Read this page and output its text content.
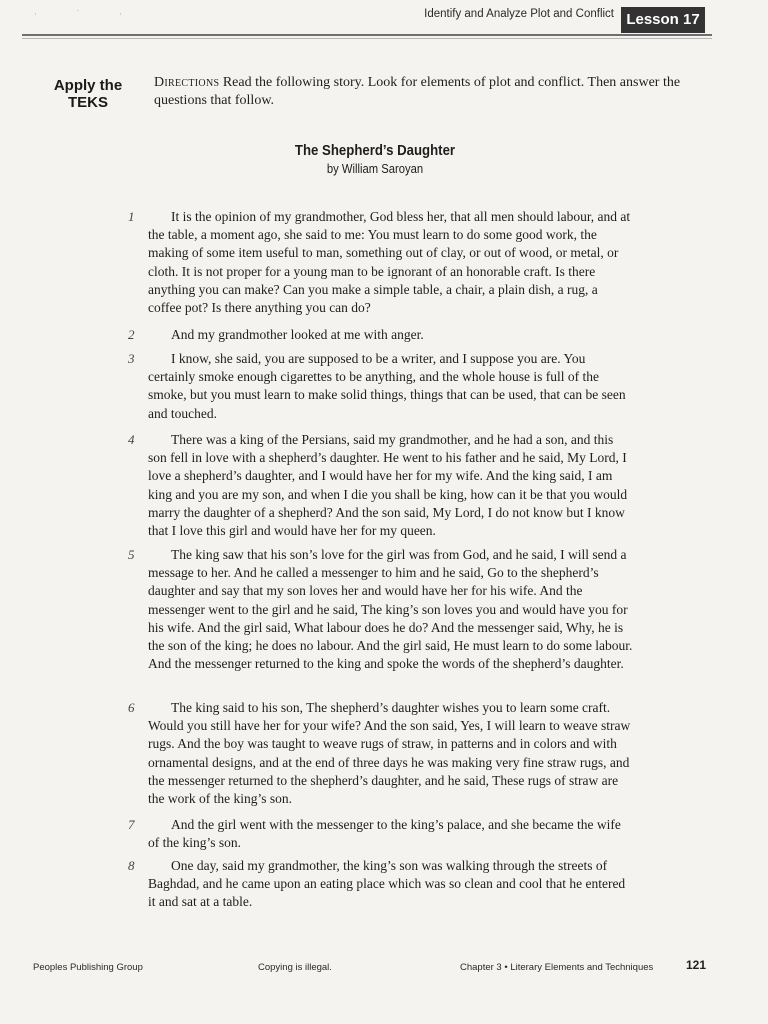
· ˙ ·	Identify and Analyze Plot and Conflict Lesson 17
Apply the
TEKS
Directions Read the following story. Look for elements of plot and conflict. Then answer the questions that follow.
The Shepherd’s Daughter
by William Saroyan
1	It is the opinion of my grandmother, God bless her, that all men should labour, and at the table, a moment ago, she said to me: You must learn to do some good work, the making of some item useful to man, something out of clay, or out of wood, or metal, or cloth. It is not proper for a young man to be ignorant of an honorable craft. Is there anything you can make? Can you make a simple table, a chair, a plain dish, a rug, a coffee pot? Is there anything you can do?

2	And my grandmother looked at me with anger.

3	I know, she said, you are supposed to be a writer, and I suppose you are. You certainly smoke enough cigarettes to be anything, and the whole house is full of the smoke, but you must learn to make solid things, things that can be used, that can be seen and touched.

4	There was a king of the Persians, said my grandmother, and he had a son, and this son fell in love with a shepherd’s daughter. He went to his father and he said, My Lord, I love a shepherd’s daughter, and I would have her for my wife. And the king said, I am king and you are my son, and when I die you shall be king, how can it be that you would marry the daughter of a shepherd? And the son said, My Lord, I do not know but I know that I love this girl and would have her for my queen.

5	The king saw that his son’s love for the girl was from God, and he said, I will send a message to her. And he called a messenger to him and he said, Go to the shepherd’s daughter and say that my son loves her and would have her for his wife. And the messenger went to the girl and he said, The king’s son loves you and would have you for his wife. And the girl said, What labour does he do? And the messenger said, Why, he is the son of the king; he does no labour. And the girl said, He must learn to do some labour. And the messenger returned to the king and spoke the words of the shepherd’s daughter.

6	The king said to his son, The shepherd’s daughter wishes you to learn some craft. Would you still have her for your wife? And the son said, Yes, I will learn to weave straw rugs. And the boy was taught to weave rugs of straw, in patterns and in colors and with ornamental designs, and at the end of three days he was making very fine straw rugs, and the messenger returned to the shepherd’s daughter, and he said, These rugs of straw are the work of the king’s son.

7	And the girl went with the messenger to the king’s palace, and she became the wife of the king’s son.

8	One day, said my grandmother, the king’s son was walking through the streets of Baghdad, and he came upon an eating place which was so clean and cool that he entered it and sat at a table.

Peoples Publishing Group	Copying is illegal.	Chapter 3 • Literary Elements and Techniques	121
